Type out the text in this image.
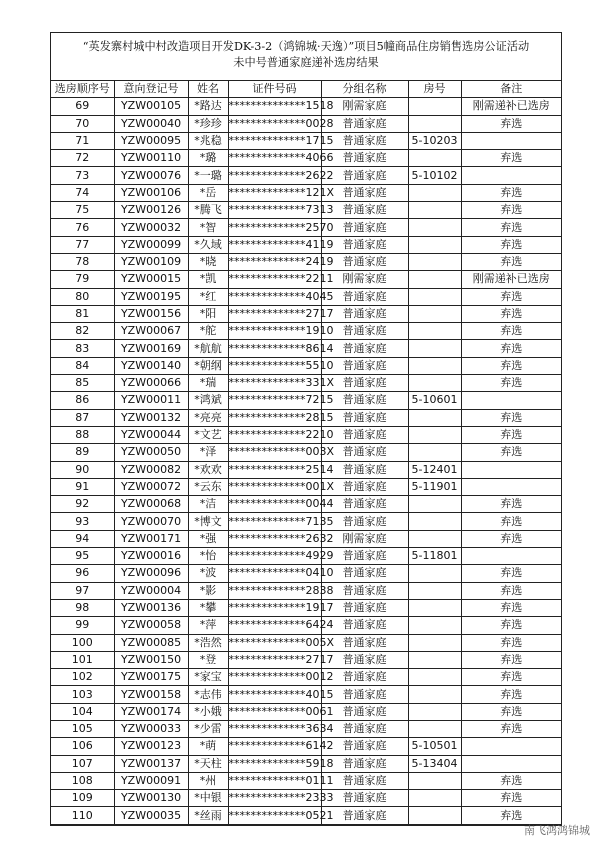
“英发寨村城中村改造项目开发DK-3-2（鸿锦城·天逸）”项目5幢商品住房销售选房公证活动
未中号普通家庭递补选房结果
选房顺序号	意向登记号	姓名	证件号码	分组名称	房号	备注
69	YZW00105	*路达	**************1518	刚需家庭		刚需递补已选房
70	YZW00040	*珍珍	**************0028	普通家庭		弃选
71	YZW00095	*兆稳	**************1715	普通家庭	5-10203	
72	YZW00110	*璐	**************4066	普通家庭		弃选
73	YZW00076	*一璐	**************2622	普通家庭	5-10102	
74	YZW00106	*岳	**************121X	普通家庭		弃选
75	YZW00126	*腾飞	**************7313	普通家庭		弃选
76	YZW00032	*智	**************2570	普通家庭		弃选
77	YZW00099	*久域	**************4119	普通家庭		弃选
78	YZW00109	*晓	**************2419	普通家庭		弃选
79	YZW00015	*凯	**************2211	刚需家庭		刚需递补已选房
80	YZW00195	*红	**************4045	普通家庭		弃选
81	YZW00156	*阳	**************2717	普通家庭		弃选
82	YZW00067	*舵	**************1910	普通家庭		弃选
83	YZW00169	*航航	**************8614	普通家庭		弃选
84	YZW00140	*朝纲	**************5510	普通家庭		弃选
85	YZW00066	*瑞	**************331X	普通家庭		弃选
86	YZW00011	*鸿斌	**************7215	普通家庭	5-10601	
87	YZW00132	*亮亮	**************2815	普通家庭		弃选
88	YZW00044	*文艺	**************2210	普通家庭		弃选
89	YZW00050	*泽	**************003X	普通家庭		弃选
90	YZW00082	*欢欢	**************2514	普通家庭	5-12401	
91	YZW00072	*云东	**************001X	普通家庭	5-11901	
92	YZW00068	*洁	**************0044	普通家庭		弃选
93	YZW00070	*博文	**************7135	普通家庭		弃选
94	YZW00171	*强	**************2632	刚需家庭		弃选
95	YZW00016	*怡	**************4929	普通家庭	5-11801	
96	YZW00096	*波	**************0410	普通家庭		弃选
97	YZW00004	*影	**************2838	普通家庭		弃选
98	YZW00136	*攀	**************1917	普通家庭		弃选
99	YZW00058	*萍	**************6424	普通家庭		弃选
100	YZW00085	*浩然	**************005X	普通家庭		弃选
101	YZW00150	*登	**************2717	普通家庭		弃选
102	YZW00175	*家宝	**************0012	普通家庭		弃选
103	YZW00158	*志伟	**************4015	普通家庭		弃选
104	YZW00174	*小娥	**************0061	普通家庭		弃选
105	YZW00033	*少雷	**************3634	普通家庭		弃选
106	YZW00123	*萌	**************6142	普通家庭	5-10501	
107	YZW00137	*天柱	**************5918	普通家庭	5-13404	
108	YZW00091	*州	**************0111	普通家庭		弃选
109	YZW00130	*中银	**************2333	普通家庭		弃选
110	YZW00035	*丝雨	**************0521	普通家庭		弃选
南飞鸿鸿锦城
